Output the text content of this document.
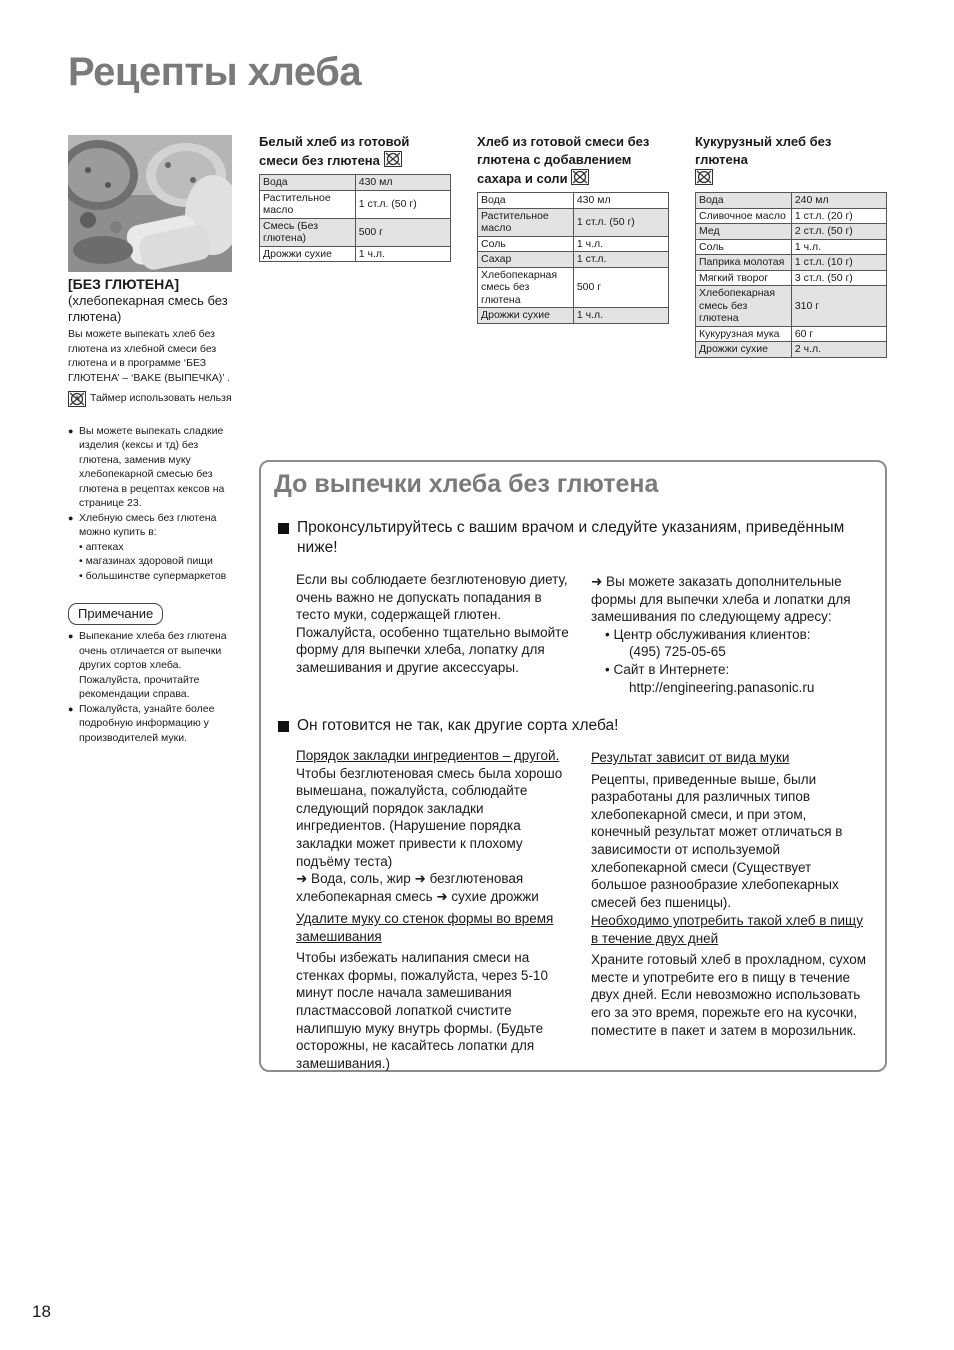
Рецепты хлеба
[БЕЗ ГЛЮТЕНА]
(хлебопекарная смесь без глютена)
Вы можете выпекать хлеб без глютена из хлебной смеси без глютена и в программе ‘БЕЗ ГЛЮТЕНА’ – ‘BAKE (ВЫПЕЧКА)’ .
Таймер использовать нельзя
● Вы можете выпекать сладкие изделия (кексы и тд) без глютена, заменив муку хлебопекарной смесью без глютена в рецептах кексов на странице 23.
● Хлебную смесь без глютена можно купить в:
• аптеках
• магазинах здоровой пищи
• большинстве супермаркетов
Примечание
● Выпекание хлеба без глютена очень отличается от выпечки других сортов хлеба. Пожалуйста, прочитайте рекомендации справа.
● Пожалуйста, узнайте более подробную информацию у производителей муки.
Белый хлеб из готовой смеси без глютена
Вода	430 мл
Растительное масло	1 ст.л. (50 г)
Смесь (Без глютена)	500 г
Дрожжи сухие	1 ч.л.
Хлеб из готовой смеси без глютена с добавлением сахара и соли
Вода	430 мл
Растительное масло	1 ст.л. (50 г)
Соль	1 ч.л.
Сахар	1 ст.л.
Хлебопекарная смесь без глютена	500 г
Дрожжи сухие	1 ч.л.
Кукурузный хлеб без глютена

Вода	240 мл
Сливочное масло	1 ст.л. (20 г)
Мед	2 ст.л. (50 г)
Соль	1 ч.л.
Паприка молотая	1 ст.л. (10 г)
Мягкий творог	3 ст.л. (50 г)
Хлебопекарная смесь без глютена	310 г
Кукурузная мука	60 г
Дрожжи сухие	2 ч.л.
До выпечки хлеба без глютена
Проконсультируйтесь с вашим врачом и следуйте указаниям, приведённым ниже!
Если вы соблюдаете безглютеновую диету, очень важно не допускать попадания в тесто муки, содержащей глютен. Пожалуйста, особенно тщательно вымойте форму для выпечки хлеба, лопатку для замешивания и другие аксессуары.
➜ Вы можете заказать дополнительные формы для выпечки хлеба и лопатки для замешивания по следующему адресу:
• Центр обслуживания клиентов:
(495) 725-05-65
• Сайт в Интернете:
http://engineering.panasonic.ru
Он готовится не так, как другие сорта хлеба!
Порядок закладки ингредиентов – другой.
Чтобы безглютеновая смесь была хорошо вымешана, пожалуйста, соблюдайте следующий порядок закладки ингредиентов. (Нарушение порядка закладки может привести к плохому подъёму теста)
➜ Вода, соль, жир ➜ безглютеновая хлебопекарная смесь ➜ сухие дрожжи
Удалите муку со стенок формы во время замешивания
Чтобы избежать налипания смеси на стенках формы, пожалуйста, через 5-10 минут после начала замешивания пластмассовой лопаткой счистите налипшую муку внутрь формы. (Будьте осторожны, не касайтесь лопатки для замешивания.)
Результат зависит от вида муки
Рецепты, приведенные выше, были разработаны для различных типов хлебопекарной смеси, и при этом, конечный результат может отличаться в зависимости от используемой хлебопекарной смеси (Существует большое разнообразие хлебопекарных смесей без пшеницы).
Необходимо употребить такой хлеб в пищу в течение двух дней
Храните готовый хлеб в прохладном, сухом месте и употребите его в пищу в течение двух дней. Если невозможно использовать его за это время, порежьте его на кусочки, поместите в пакет и затем в морозильник.
18
